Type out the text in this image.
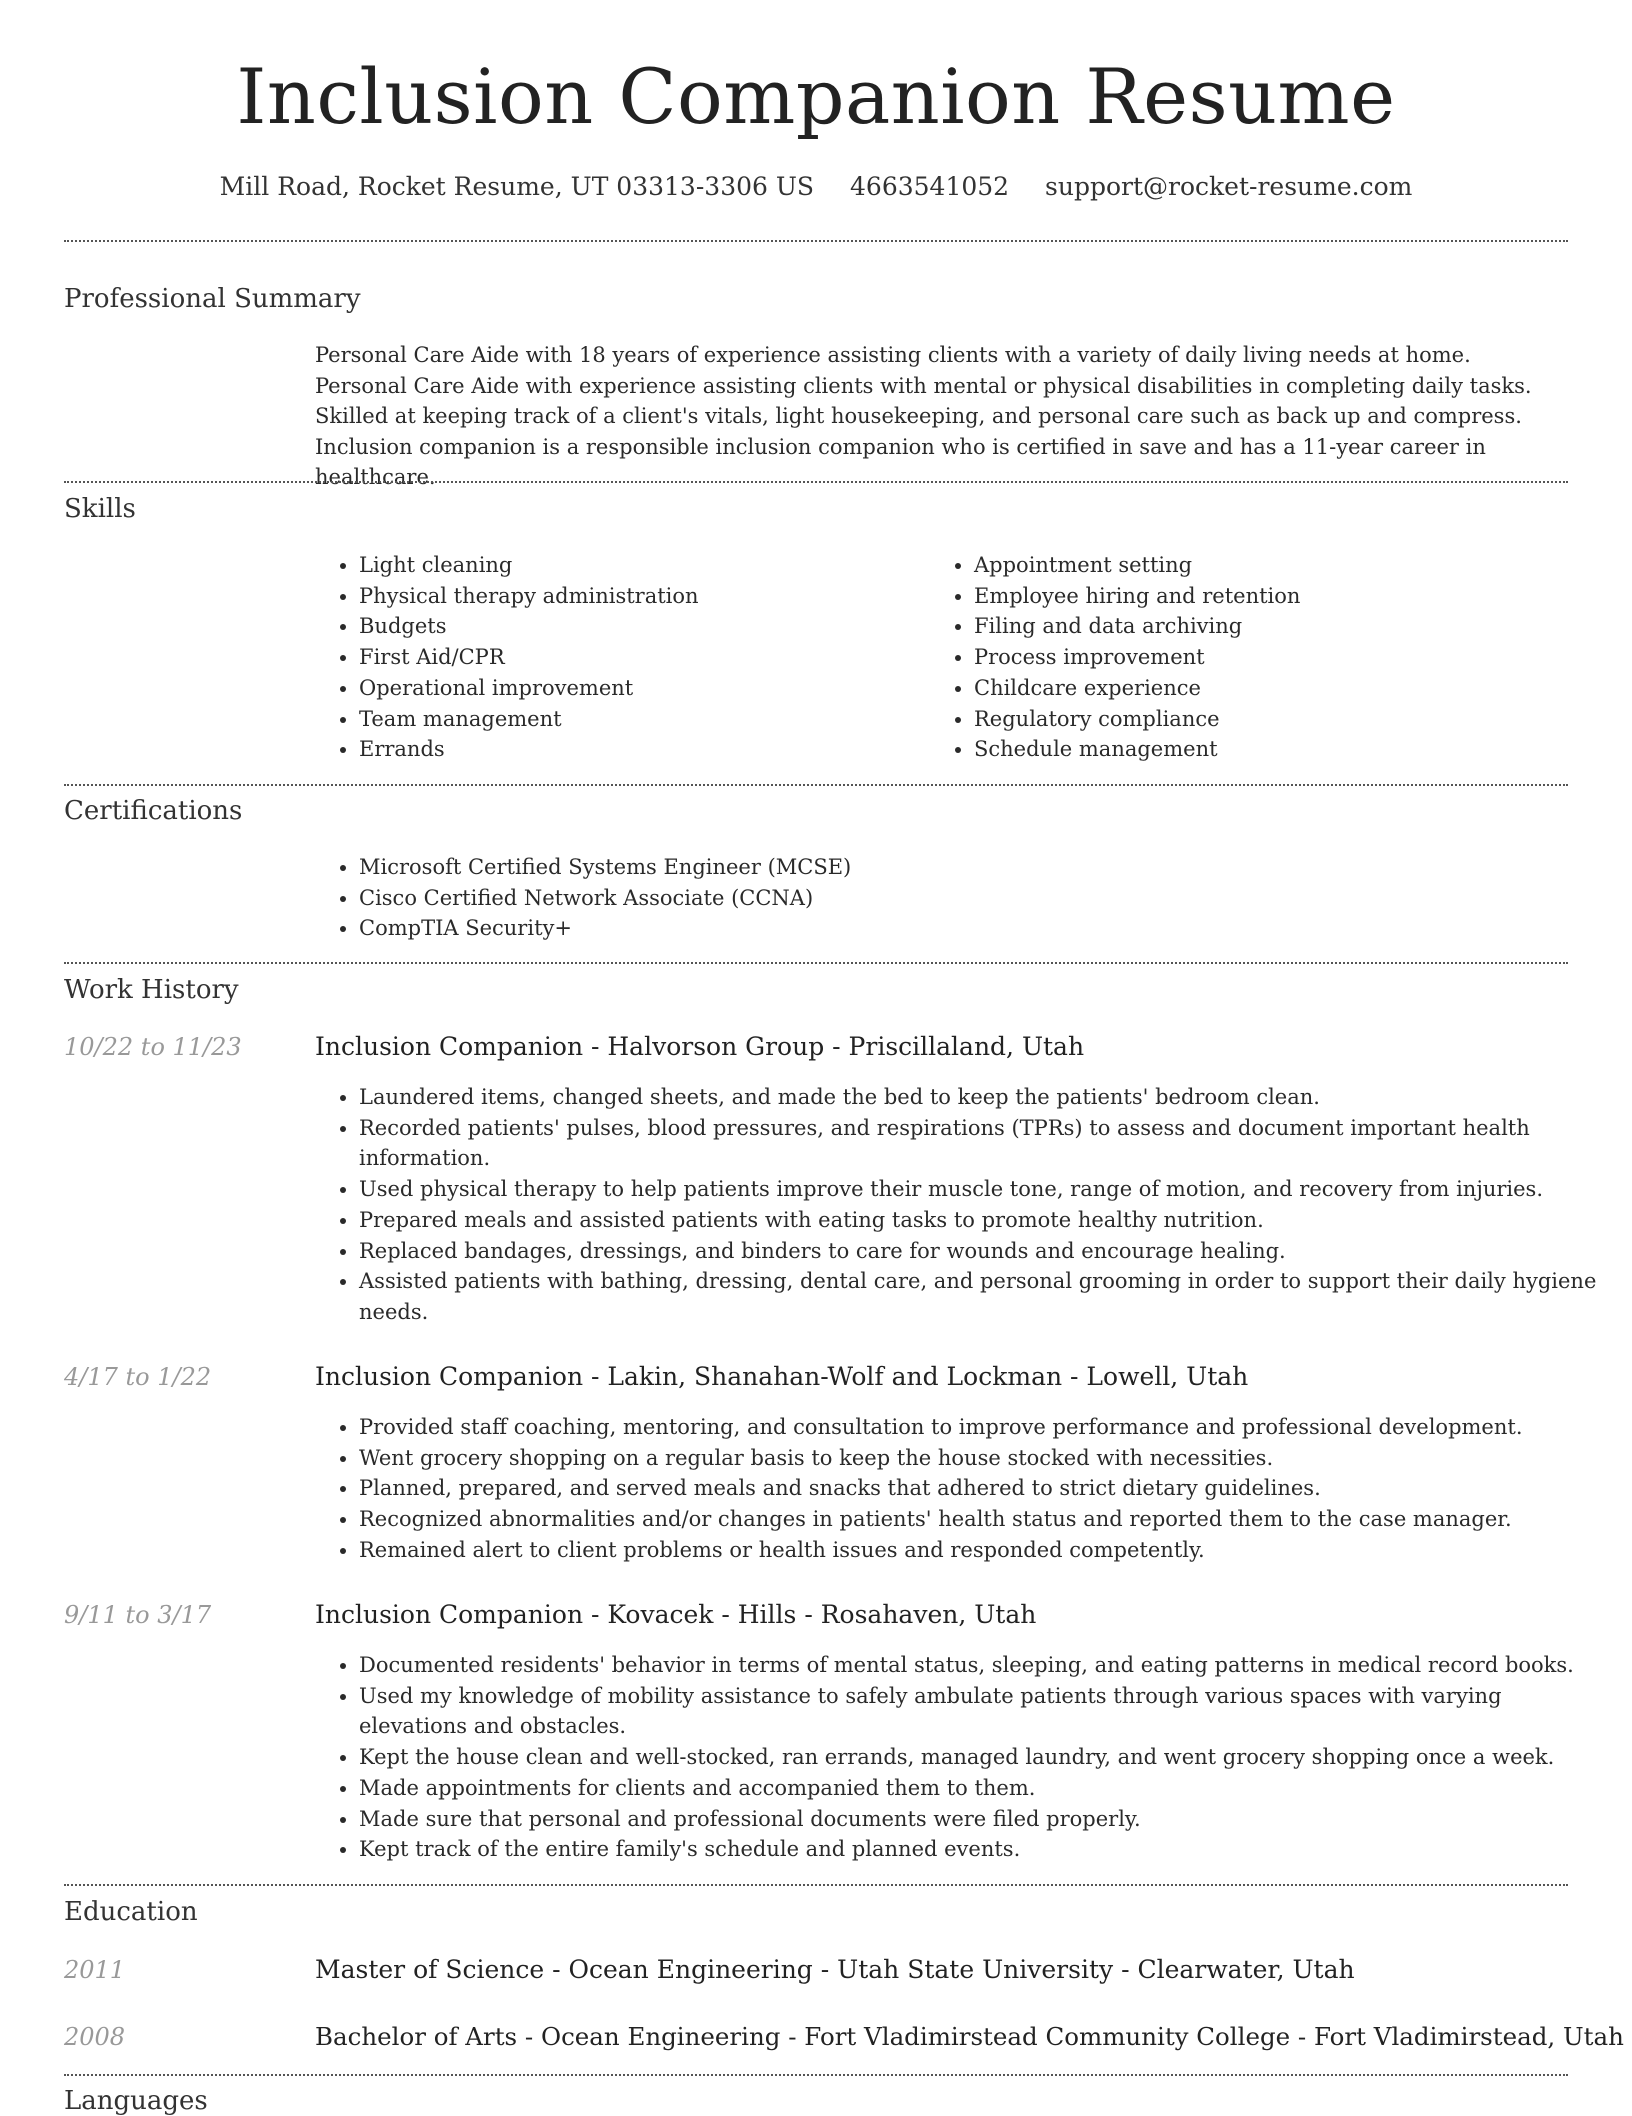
Inclusion Companion Resume
Mill Road, Rocket Resume, UT 03313-3306 US 4663541052 support@rocket-resume.com
Professional Summary

Personal Care Aide with 18 years of experience assisting clients with a variety of daily living needs at home. Personal Care Aide with experience assisting clients with mental or physical disabilities in completing daily tasks. Skilled at keeping track of a client's vitals, light housekeeping, and personal care such as back up and compress. Inclusion companion is a responsible inclusion companion who is certified in save and has a 11-year career in healthcare.

Skills
• Light cleaning
• Physical therapy administration
• Budgets
• First Aid/CPR
• Operational improvement
• Team management
• Errands
• Appointment setting
• Employee hiring and retention
• Filing and data archiving
• Process improvement
• Childcare experience
• Regulatory compliance
• Schedule management
Certifications
• Microsoft Certified Systems Engineer (MCSE)
• Cisco Certified Network Associate (CCNA)
• CompTIA Security+
Work History
10/22 to 11/23	Inclusion Companion - Halvorson Group - Priscillaland, Utah
• Laundered items, changed sheets, and made the bed to keep the patients' bedroom clean.
• Recorded patients' pulses, blood pressures, and respirations (TPRs) to assess and document important health information.
• Used physical therapy to help patients improve their muscle tone, range of motion, and recovery from injuries.
• Prepared meals and assisted patients with eating tasks to promote healthy nutrition.
• Replaced bandages, dressings, and binders to care for wounds and encourage healing.
• Assisted patients with bathing, dressing, dental care, and personal grooming in order to support their daily hygiene needs.
4/17 to 1/22	Inclusion Companion - Lakin, Shanahan-Wolf and Lockman - Lowell, Utah
• Provided staff coaching, mentoring, and consultation to improve performance and professional development.
• Went grocery shopping on a regular basis to keep the house stocked with necessities.
• Planned, prepared, and served meals and snacks that adhered to strict dietary guidelines.
• Recognized abnormalities and/or changes in patients' health status and reported them to the case manager.
• Remained alert to client problems or health issues and responded competently.
9/11 to 3/17	Inclusion Companion - Kovacek - Hills - Rosahaven, Utah
• Documented residents' behavior in terms of mental status, sleeping, and eating patterns in medical record books.
• Used my knowledge of mobility assistance to safely ambulate patients through various spaces with varying elevations and obstacles.
• Kept the house clean and well-stocked, ran errands, managed laundry, and went grocery shopping once a week.
• Made appointments for clients and accompanied them to them.
• Made sure that personal and professional documents were filed properly.
• Kept track of the entire family's schedule and planned events.
Education
2011	Master of Science - Ocean Engineering - Utah State University - Clearwater, Utah
2008	Bachelor of Arts - Ocean Engineering - Fort Vladimirstead Community College - Fort Vladimirstead, Utah
Languages
